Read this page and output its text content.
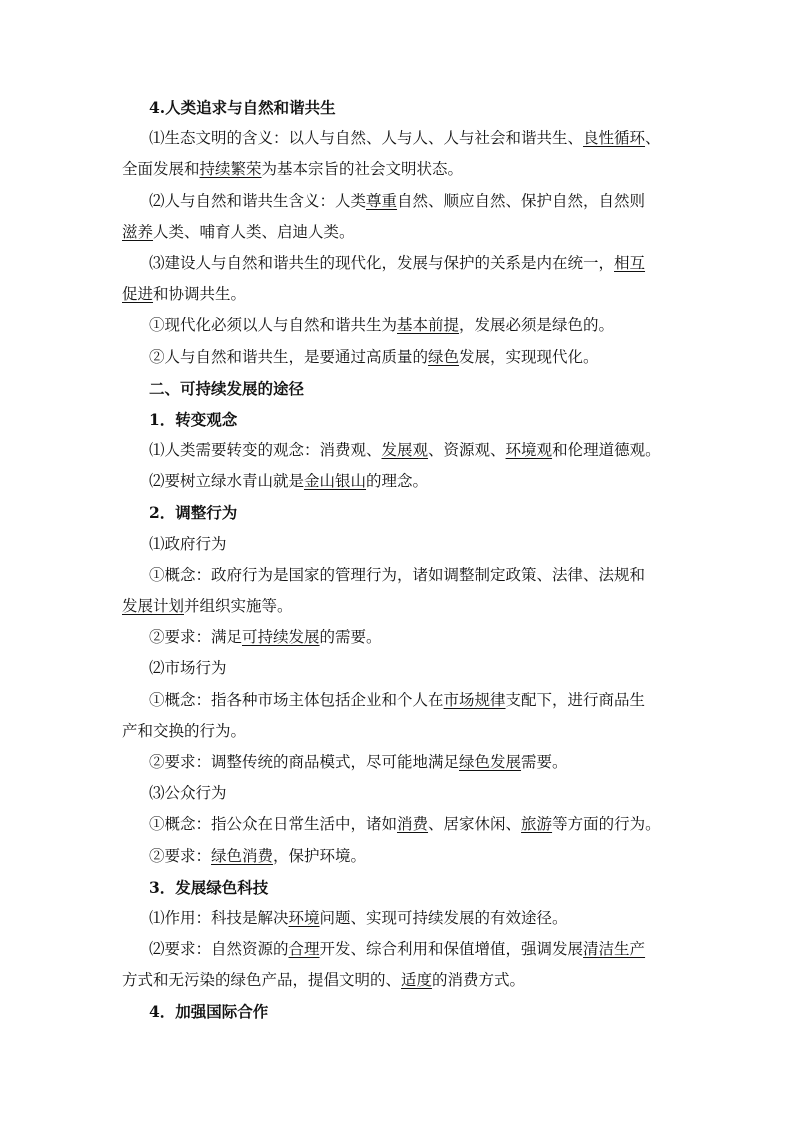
4.人类追求与自然和谐共生
⑴生态文明的含义：以人与自然、人与人、人与社会和谐共生、良性循环、
全面发展和持续繁荣为基本宗旨的社会文明状态。
⑵人与自然和谐共生含义：人类尊重自然、顺应自然、保护自然，自然则
滋养人类、哺育人类、启迪人类。
⑶建设人与自然和谐共生的现代化，发展与保护的关系是内在统一，相互
促进和协调共生。
①现代化必须以人与自然和谐共生为基本前提，发展必须是绿色的。
②人与自然和谐共生，是要通过高质量的绿色发展，实现现代化。
二、可持续发展的途径
1．转变观念
⑴人类需要转变的观念：消费观、发展观、资源观、环境观和伦理道德观。
⑵要树立绿水青山就是金山银山的理念。
2．调整行为
⑴政府行为
①概念：政府行为是国家的管理行为，诸如调整制定政策、法律、法规和
发展计划并组织实施等。
②要求：满足可持续发展的需要。
⑵市场行为
①概念：指各种市场主体包括企业和个人在市场规律支配下，进行商品生
产和交换的行为。
②要求：调整传统的商品模式，尽可能地满足绿色发展需要。
⑶公众行为
①概念：指公众在日常生活中，诸如消费、居家休闲、旅游等方面的行为。
②要求：绿色消费，保护环境。
3．发展绿色科技
⑴作用：科技是解决环境问题、实现可持续发展的有效途径。
⑵要求：自然资源的合理开发、综合利用和保值增值，强调发展清洁生产
方式和无污染的绿色产品，提倡文明的、适度的消费方式。
4．加强国际合作
